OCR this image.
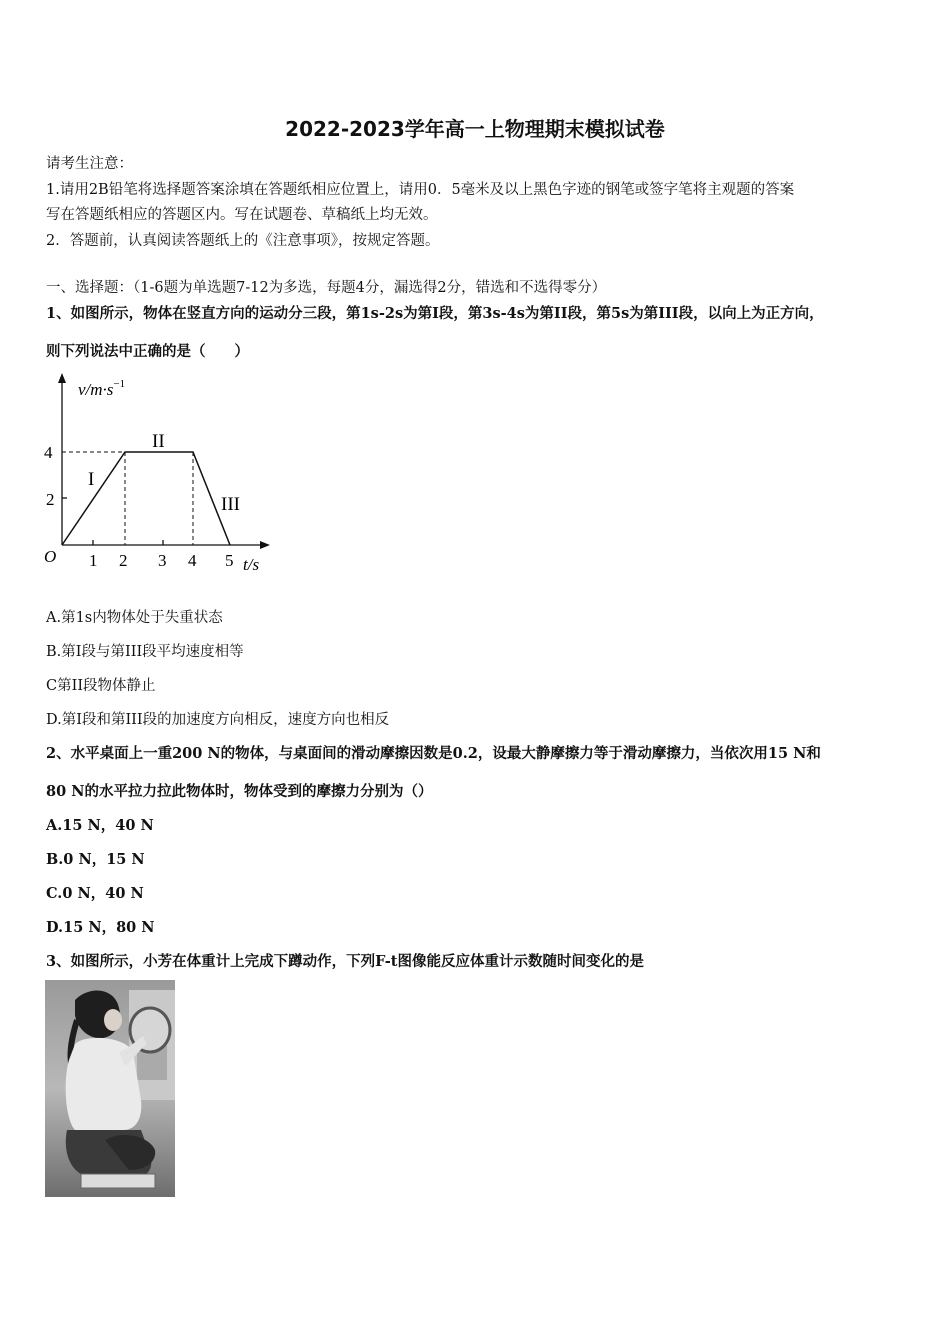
2022-2023学年高一上物理期末模拟试卷
请考生注意：
1.请用2B铅笔将选择题答案涂填在答题纸相应位置上，请用0．5毫米及以上黑色字迹的钢笔或签字笔将主观题的答案
写在答题纸相应的答题区内。写在试题卷、草稿纸上均无效。
2．答题前，认真阅读答题纸上的《注意事项》，按规定答题。
一、选择题：（1-6题为单选题7-12为多选，每题4分，漏选得2分，错选和不选得零分）
1、如图所示，物体在竖直方向的运动分三段，第1s-2s为第I段，第3s-4s为第II段，第5s为第III段，以向上为正方向，
则下列说法中正确的是（　　）
$v/m\cdot s^{-1}$
4
2
O 1 2 3 4 5 t/s
I
II
III
A.第1s内物体处于失重状态
B.第I段与第III段平均速度相等
C第II段物体静止
D.第I段和第III段的加速度方向相反，速度方向也相反
2、水平桌面上一重200 N的物体，与桌面间的滑动摩擦因数是0.2，设最大静摩擦力等于滑动摩擦力，当依次用15 N和
80 N的水平拉力拉此物体时，物体受到的摩擦力分别为（）
A.15 N，40 N
B.0 N，15 N
C.0 N，40 N
D.15 N，80 N
3、如图所示，小芳在体重计上完成下蹲动作，下列F-t图像能反应体重计示数随时间变化的是
